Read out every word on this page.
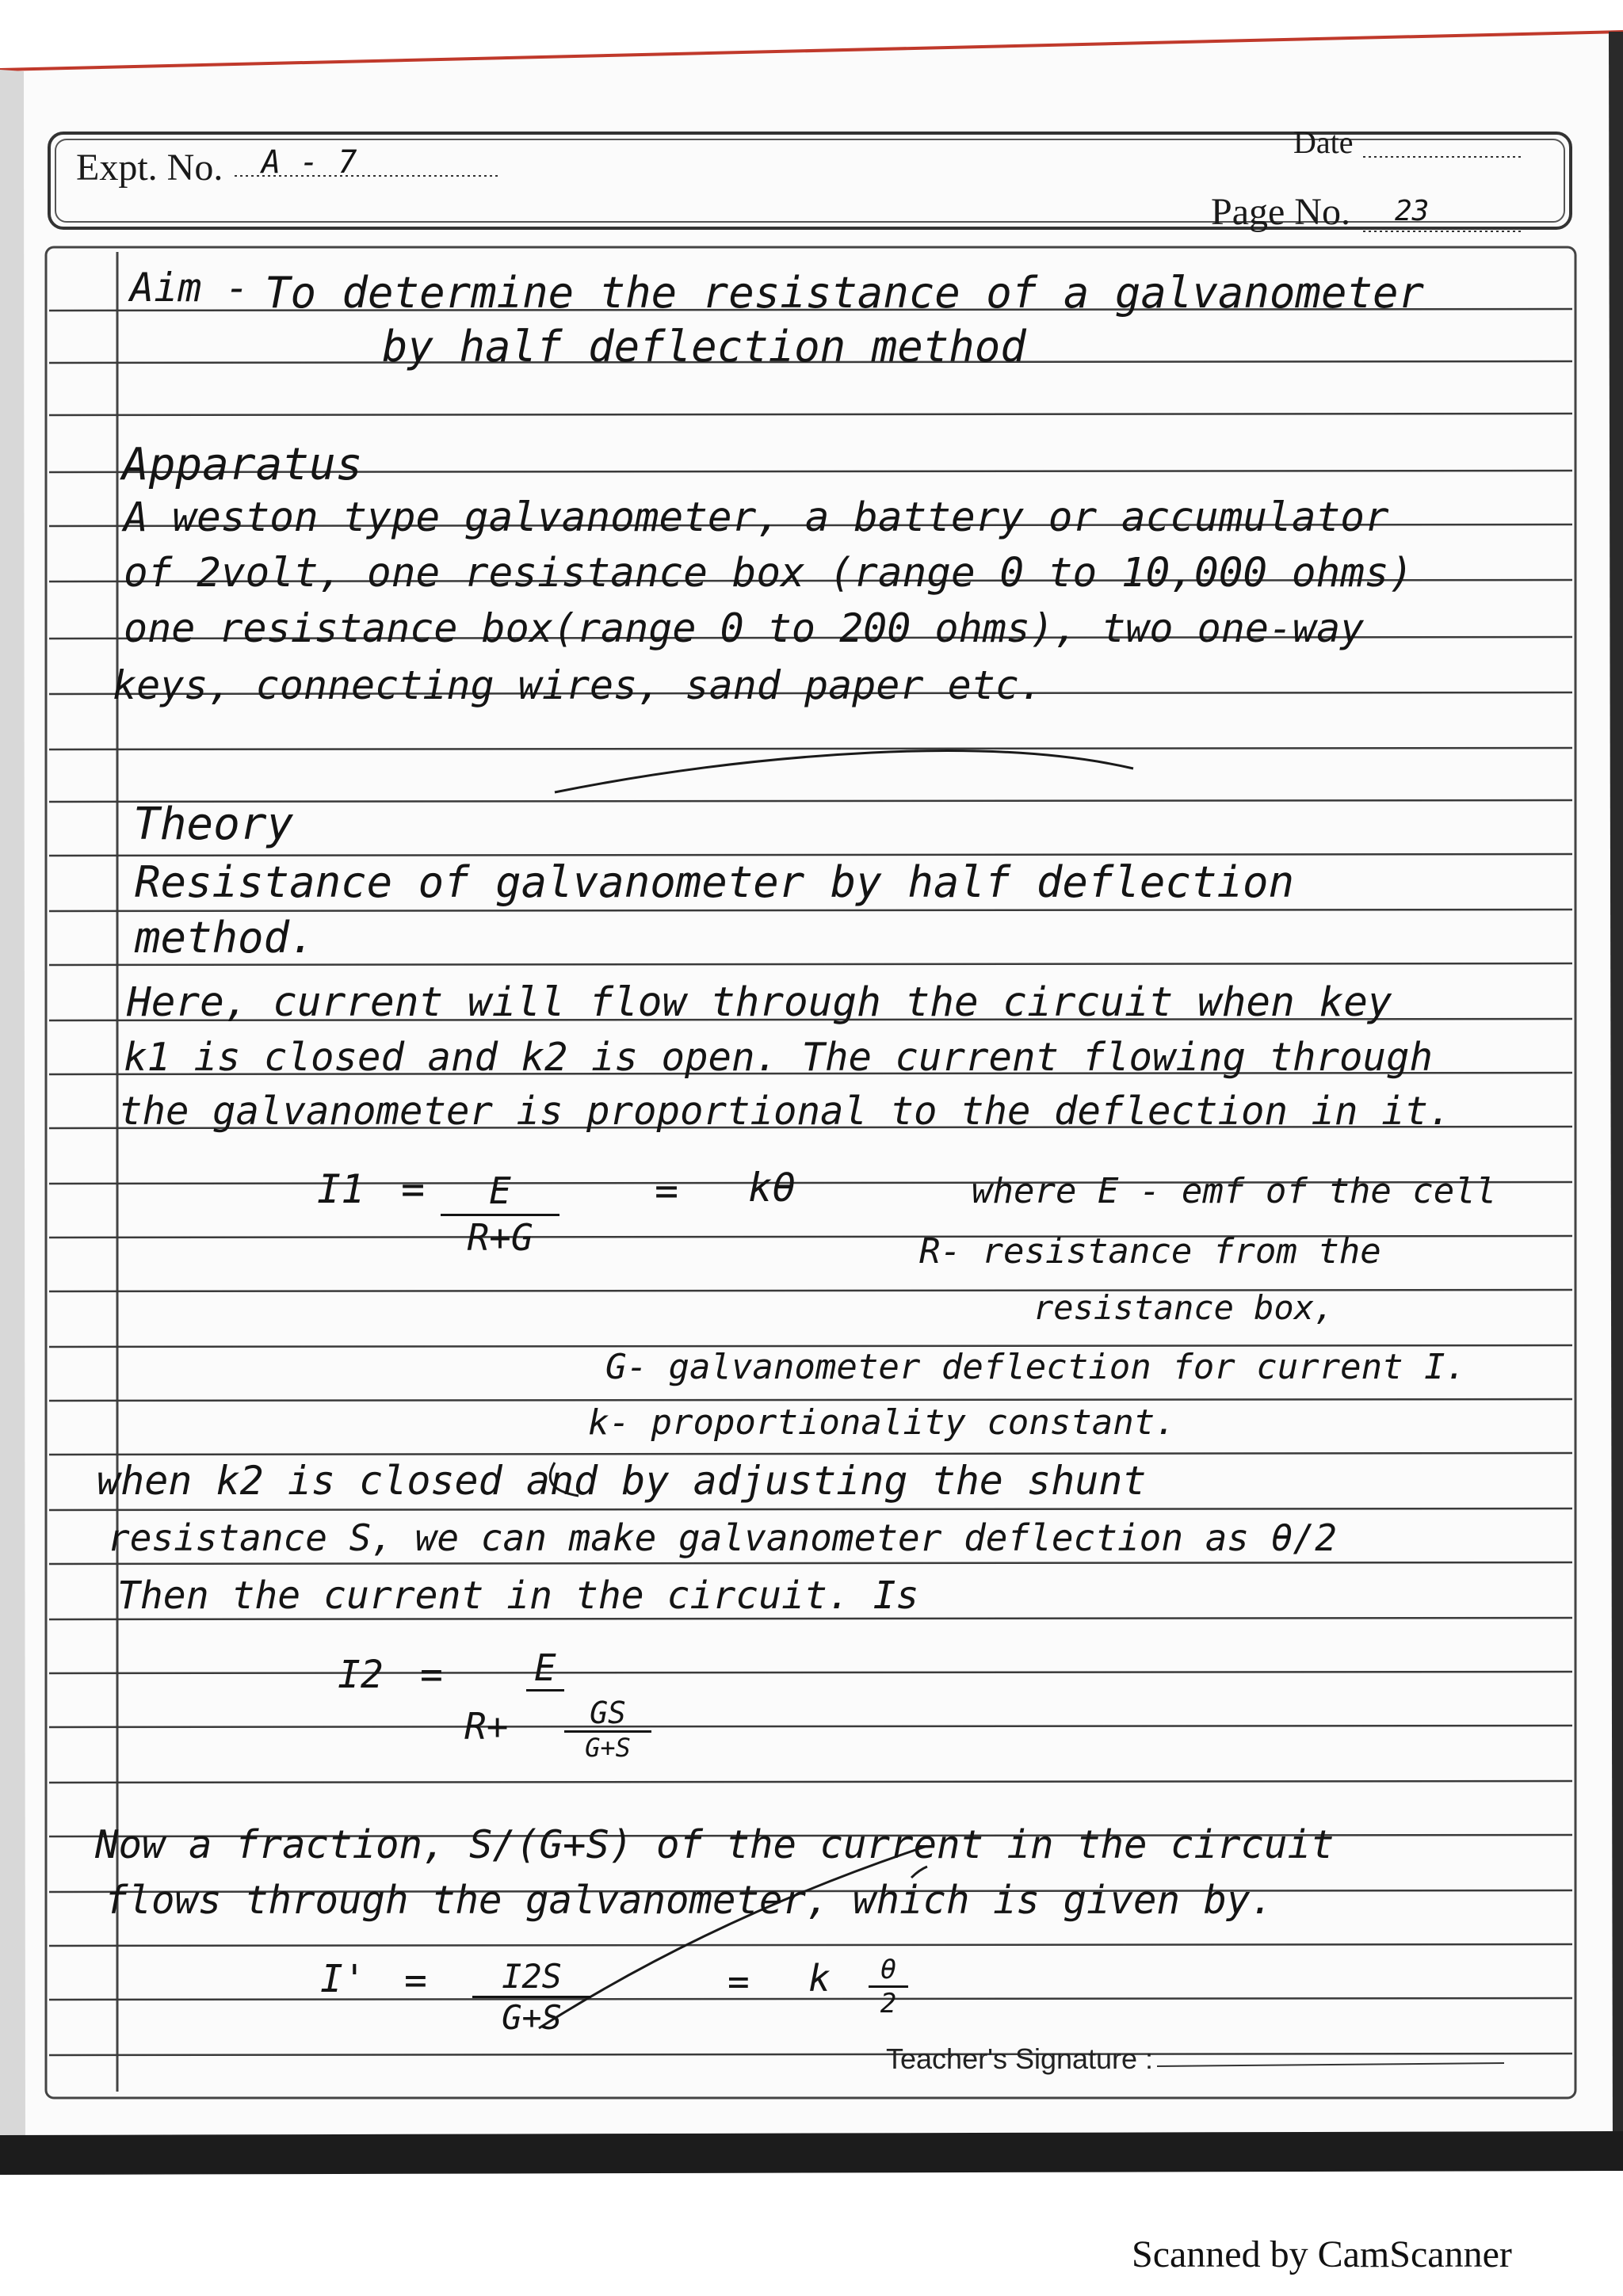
Expt. No. A - 7
Date
Page No. 23
Aim - To determine the resistance of a galvanometer
by half deflection method
Apparatus
A weston type galvanometer, a battery or accumulator
of 2volt, one resistance box (range 0 to 10,000 ohms)
one resistance box(range 0 to 200 ohms), two one-way
keys, connecting wires, sand paper etc.
Theory
Resistance of galvanometer by half deflection
method.
Here, current will flow through the circuit when key
k1 is closed and k2 is open. The current flowing through
the galvanometer is proportional to the deflection in it.
$I1 = \frac{E}{R+G} = k\theta$	where E - emf of the cell
R- resistance from the
resistance box,
G- galvanometer deflection for current I.
k- proportionality constant.
when k2 is closed and by adjusting the shunt
resistance S, we can make galvanometer deflection as θ/2
Then the current in the circuit. Is
I2 =	E
R+	GS
G+S
Now a fraction, S/(G+S) of the current in the circuit
flows through the galvanometer, which is given by.
$I' = \frac{I2S}{G+S}$	= k $\frac{\theta}{2}$
Teacher's Signature :
Scanned by CamScanner
